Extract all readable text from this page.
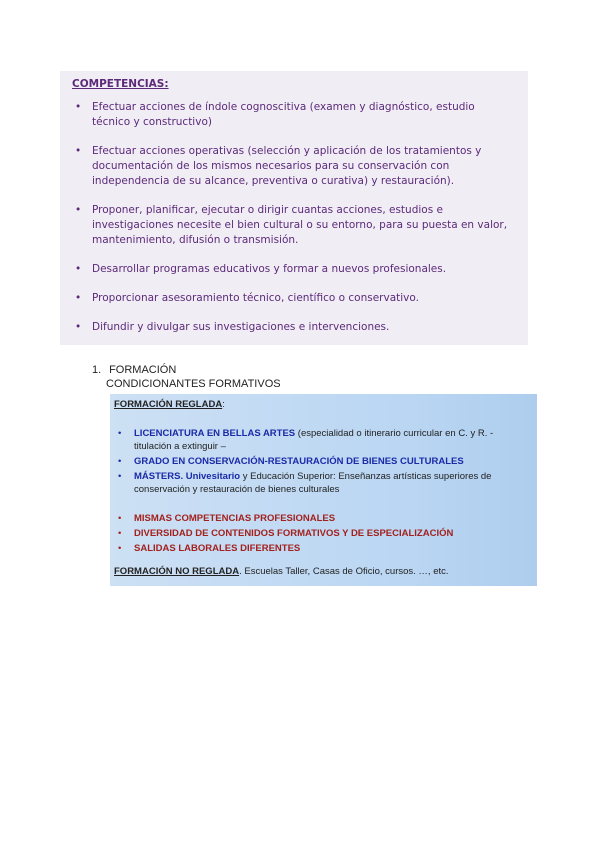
COMPETENCIAS:
• Efectuar acciones de índole cognoscitiva (examen y diagnóstico, estudio técnico y constructivo)
• Efectuar acciones operativas (selección y aplicación de los tratamientos y documentación de los mismos necesarios para su conservación con independencia de su alcance, preventiva o curativa) y restauración).
• Proponer, planificar, ejecutar o dirigir cuantas acciones, estudios e investigaciones necesite el bien cultural o su entorno, para su puesta en valor, mantenimiento, difusión o transmisión.
• Desarrollar programas educativos y formar a nuevos profesionales.
• Proporcionar asesoramiento técnico, científico o conservativo.
• Difundir y divulgar sus investigaciones e intervenciones.
1. FORMACIÓN
CONDICIONANTES FORMATIVOS
FORMACIÓN REGLADA:
• LICENCIATURA EN BELLAS ARTES (especialidad o itinerario curricular en C. y R. - titulación a extinguir –
• GRADO EN CONSERVACIÓN-RESTAURACIÓN DE BIENES CULTURALES
• MÁSTERS. Univesitario y Educación Superior: Enseñanzas artísticas superiores de conservación y restauración de bienes culturales
• MISMAS COMPETENCIAS PROFESIONALES
• DIVERSIDAD DE CONTENIDOS FORMATIVOS Y DE ESPECIALIZACIÓN
• SALIDAS LABORALES DIFERENTES
FORMACIÓN NO REGLADA. Escuelas Taller, Casas de Oficio, cursos. …, etc.
